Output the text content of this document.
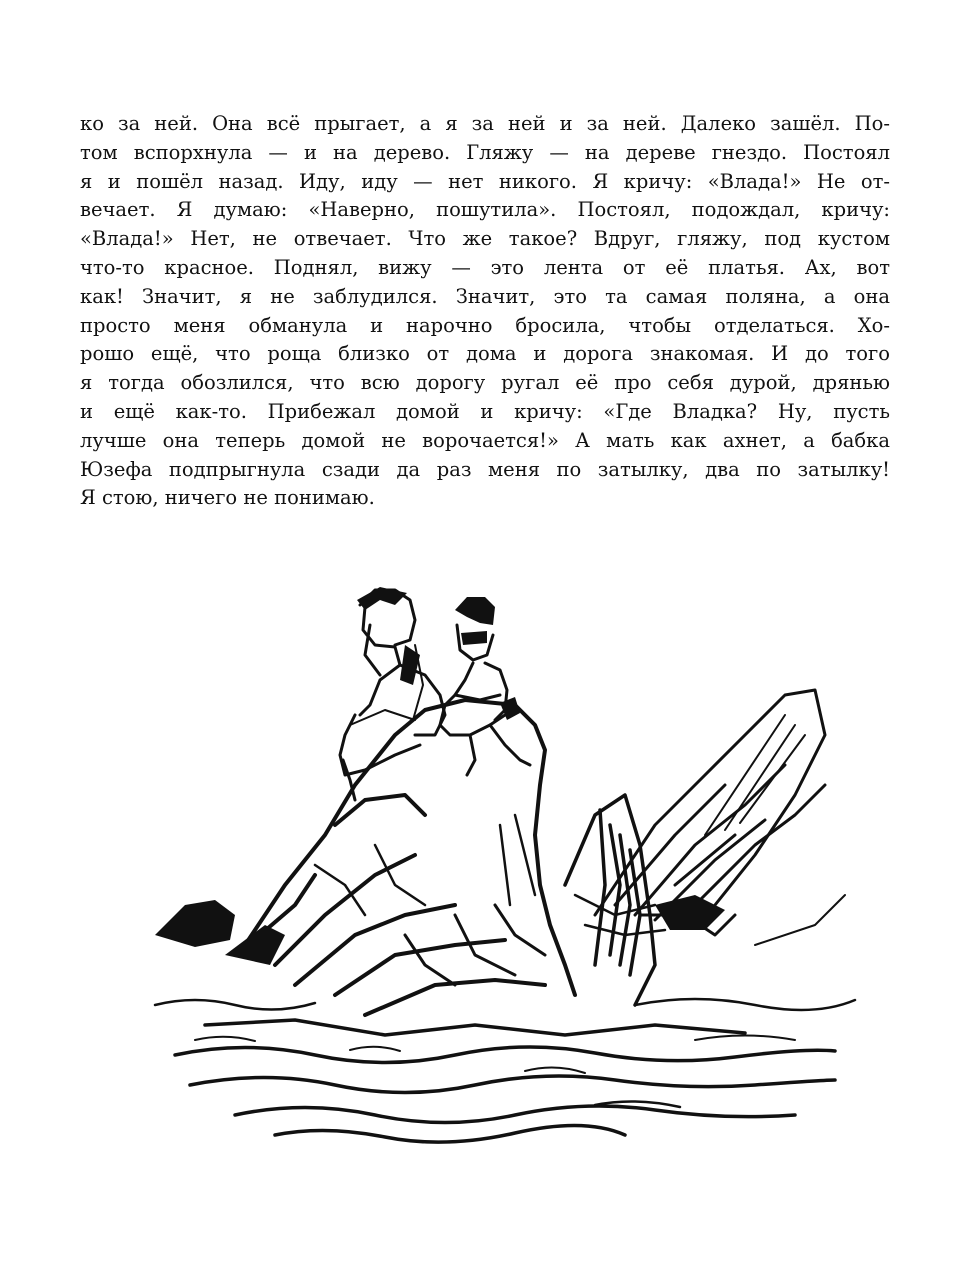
ко за ней. Она всё прыгает, а я за ней и за ней. Далеко зашёл. По-
том вспорхнула — и на дерево. Гляжу — на дереве гнездо. Постоял
я и пошёл назад. Иду, иду — нет никого. Я кричу: «Влада!» Не от-
вечает. Я думаю: «Наверно, пошутила». Постоял, подождал, кричу:
«Влада!» Нет, не отвечает. Что же такое? Вдруг, гляжу, под кустом
что-то красное. Поднял, вижу — это лента от её платья. Ах, вот
как! Значит, я не заблудился. Значит, это та самая поляна, а она
просто меня обманула и нарочно бросила, чтобы отделаться. Хо-
рошо ещё, что роща близко от дома и дорога знакомая. И до того
я тогда обозлился, что всю дорогу ругал её про себя дурой, дрянью
и ещё как-то. Прибежал домой и кричу: «Где Владка? Ну, пусть
лучше она теперь домой не ворочается!» А мать как ахнет, а бабка
Юзефа подпрыгнула сзади да раз меня по затылку, два по затылку!
Я стою, ничего не понимаю.
